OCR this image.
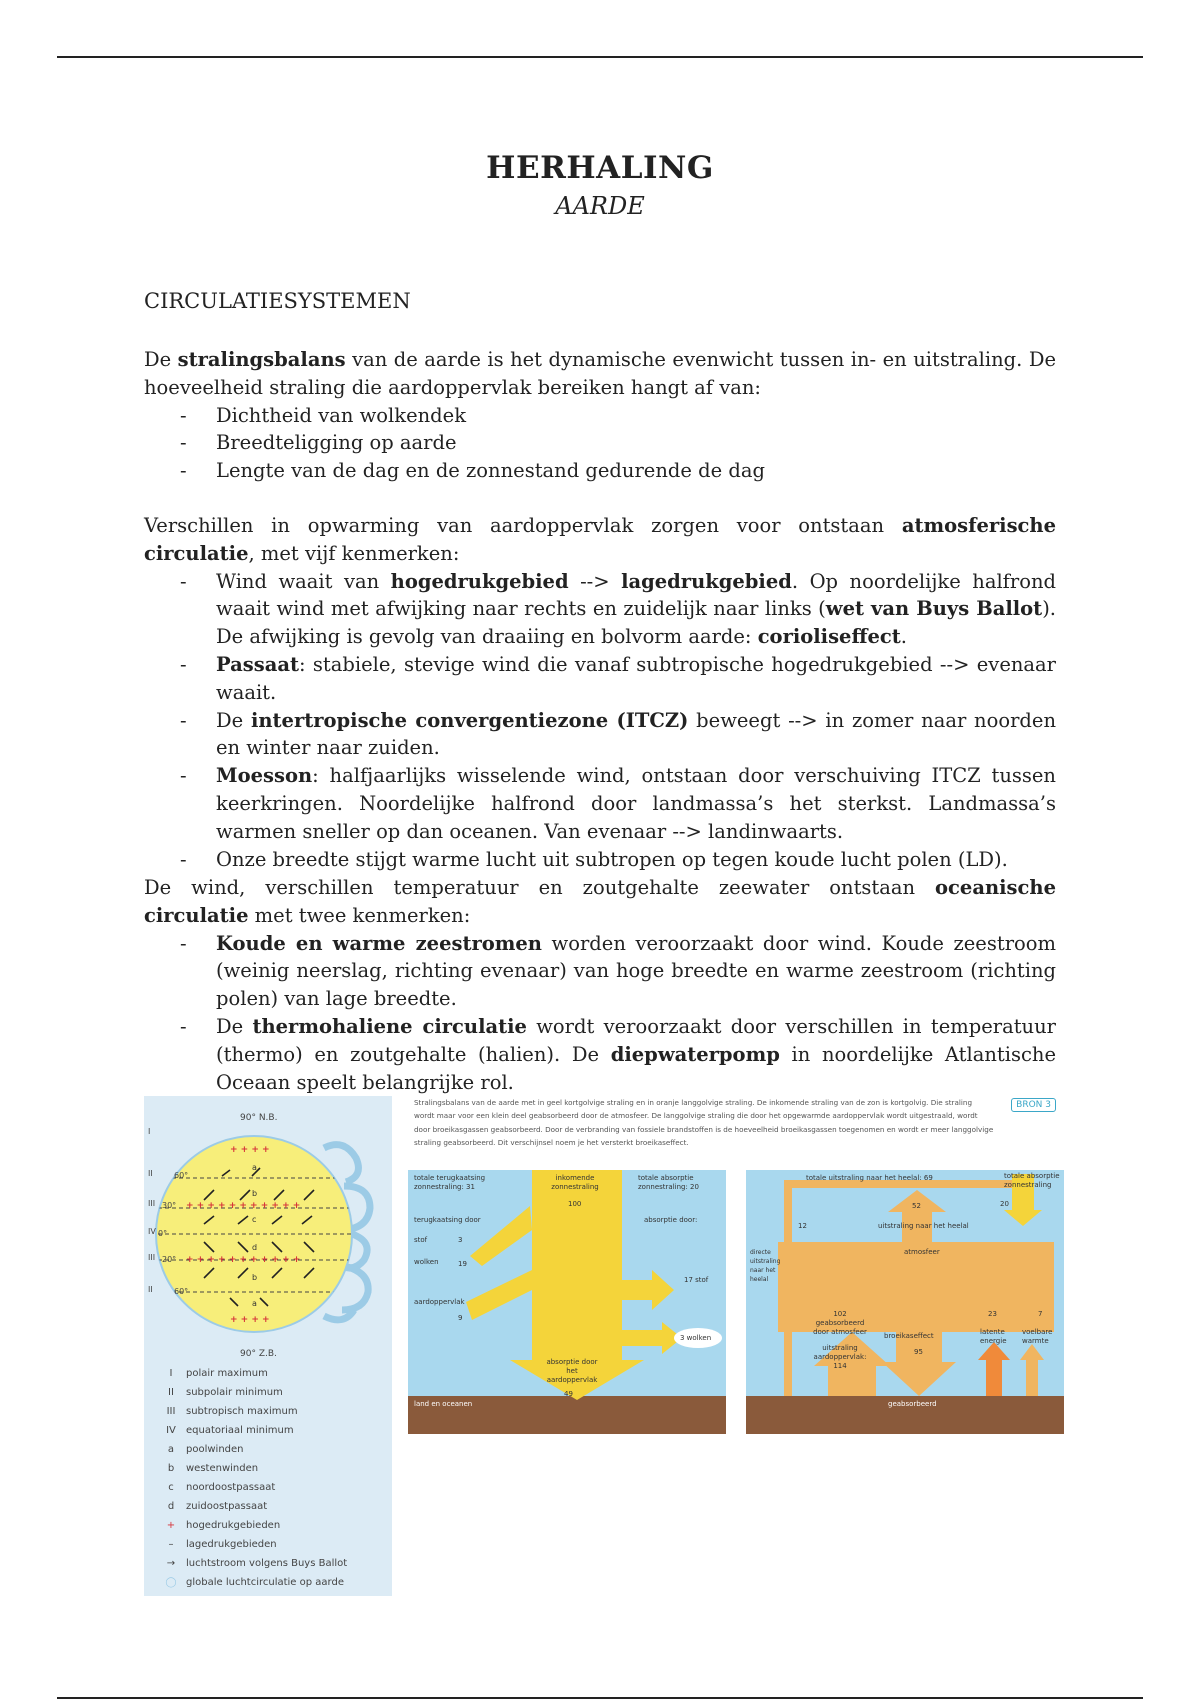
HERHALING
AARDE
CIRCULATIESYSTEMEN

De stralingsbalans van de aarde is het dynamische evenwicht tussen in- en uitstraling. De hoeveelheid straling die aardoppervlak bereiken hangt af van:

- Dichtheid van wolkendek
- Breedteligging op aarde
- Lengte van de dag en de zonnestand gedurende de dag

Verschillen in opwarming van aardoppervlak zorgen voor ontstaan atmosferische circulatie, met vijf kenmerken:

- Wind waait van hogedrukgebied --> lagedrukgebied. Op noordelijke halfrond waait wind met afwijking naar rechts en zuidelijk naar links (wet van Buys Ballot). De afwijking is gevolg van draaiing en bolvorm aarde: corioliseffect.
- Passaat: stabiele, stevige wind die vanaf subtropische hogedrukgebied --> evenaar waait.
- De intertropische convergentiezone (ITCZ) beweegt --> in zomer naar noorden en winter naar zuiden.
- Moesson: halfjaarlijks wisselende wind, ontstaan door verschuiving ITCZ tussen keerkringen. Noordelijke halfrond door landmassa’s het sterkst. Landmassa’s warmen sneller op dan oceanen. Van evenaar --> landinwaarts.
- Onze breedte stijgt warme lucht uit subtropen op tegen koude lucht polen (LD).

De wind, verschillen temperatuur en zoutgehalte zeewater ontstaan oceanische circulatie met twee kenmerken:

- Koude en warme zeestromen worden veroorzaakt door wind. Koude zeestroom (weinig neerslag, richting evenaar) van hoge breedte en warme zeestroom (richting polen) van lage breedte.
- De thermohaliene circulatie wordt veroorzaakt door verschillen in temperatuur (thermo) en zoutgehalte (halien). De diepwaterpomp in noordelijke Atlantische Oceaan speelt belangrijke rol.
90° N.B.
90° Z.B.
+ + + +
+ + + + + + + + + + +
+ + + + + + + + + + +
+ + + +
a
b
c
d
b
a
I
II
III
IV
III
II
60°
30°
0°
20°
60°
I	polair maximum
II	subpolair minimum
III	subtropisch maximum
IV	equatoriaal minimum
a	poolwinden
b	westenwinden
c	noordoostpassaat
d	zuidoostpassaat
+	hogedrukgebieden
–	lagedrukgebieden
→	luchtstroom volgens Buys Ballot
◯ globale luchtcirculatie op aarde
Stralingsbalans van de aarde met in geel kortgolvige straling en in oranje langgolvige straling. De inkomende straling van de zon is kortgolvig. Die straling wordt maar voor een klein deel geabsorbeerd door de atmosfeer. De langgolvige straling die door het opgewarmde aardoppervlak wordt uitgestraald, wordt door broeikasgassen geabsorbeerd. Door de verbranding van fossiele brandstoffen is de hoeveelheid broeikasgassen toegenomen en wordt er meer langgolvige straling geabsorbeerd. Dit verschijnsel noem je het versterkt broeikaseffect.
BRON 3
totale terugkaatsing zonnestraling: 31
inkomende zonnestraling
100
totale absorptie zonnestraling: 20
terugkaatsing door	absorptie door:
stof	3
wolken	19
17 stof
aardoppervlak
9
3 wolken
absorptie door het aardoppervlak
49
land en oceanen
totale uitstraling naar het heelal: 69	totale absorptie zonnestraling
52	20
12	uitstraling naar het heelal
atmosfeer
directe uitstraling naar het heelal
102 geabsorbeerd door atmosfeer
uitstraling aardoppervlak: 114
broeikaseffect
95
23
latente energie
7
voelbare warmte
geabsorbeerd
